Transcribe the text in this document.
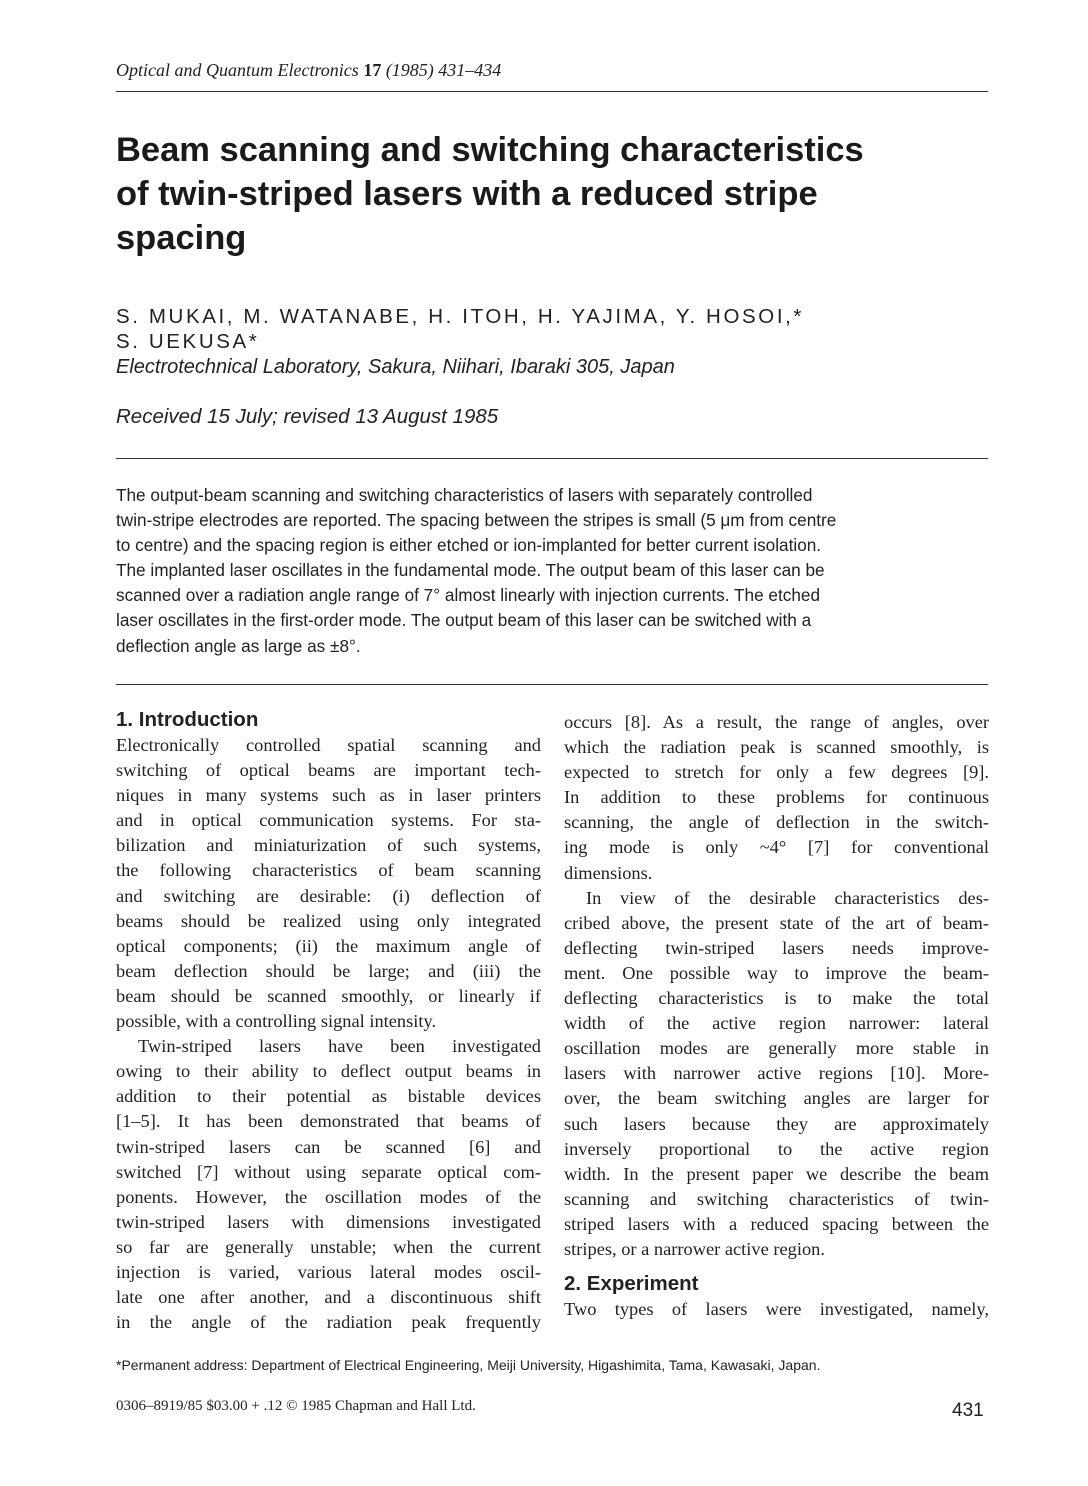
Optical and Quantum Electronics 17 (1985) 431–434
Beam scanning and switching characteristics
of twin-striped lasers with a reduced stripe
spacing
S. MUKAI, M. WATANABE, H. ITOH, H. YAJIMA, Y. HOSOI,*
S. UEKUSA*
Electrotechnical Laboratory, Sakura, Niihari, Ibaraki 305, Japan
Received 15 July; revised 13 August 1985
The output-beam scanning and switching characteristics of lasers with separately controlled
twin-stripe electrodes are reported. The spacing between the stripes is small (5 μm from centre
to centre) and the spacing region is either etched or ion-implanted for better current isolation.
The implanted laser oscillates in the fundamental mode. The output beam of this laser can be
scanned over a radiation angle range of 7° almost linearly with injection currents. The etched
laser oscillates in the first-order mode. The output beam of this laser can be switched with a
deflection angle as large as ±8°.
1. Introduction
Electronically controlled spatial scanning and
switching of optical beams are important tech-
niques in many systems such as in laser printers
and in optical communication systems. For sta-
bilization and miniaturization of such systems,
the following characteristics of beam scanning
and switching are desirable: (i) deflection of
beams should be realized using only integrated
optical components; (ii) the maximum angle of
beam deflection should be large; and (iii) the
beam should be scanned smoothly, or linearly if
possible, with a controlling signal intensity.
Twin-striped lasers have been investigated
owing to their ability to deflect output beams in
addition to their potential as bistable devices
[1–5]. It has been demonstrated that beams of
twin-striped lasers can be scanned [6] and
switched [7] without using separate optical com-
ponents. However, the oscillation modes of the
twin-striped lasers with dimensions investigated
so far are generally unstable; when the current
injection is varied, various lateral modes oscil-
late one after another, and a discontinuous shift
in the angle of the radiation peak frequently
occurs [8]. As a result, the range of angles, over
which the radiation peak is scanned smoothly, is
expected to stretch for only a few degrees [9].
In addition to these problems for continuous
scanning, the angle of deflection in the switch-
ing mode is only ~4° [7] for conventional
dimensions.
In view of the desirable characteristics des-
cribed above, the present state of the art of beam-
deflecting twin-striped lasers needs improve-
ment. One possible way to improve the beam-
deflecting characteristics is to make the total
width of the active region narrower: lateral
oscillation modes are generally more stable in
lasers with narrower active regions [10]. More-
over, the beam switching angles are larger for
such lasers because they are approximately
inversely proportional to the active region
width. In the present paper we describe the beam
scanning and switching characteristics of twin-
striped lasers with a reduced spacing between the
stripes, or a narrower active region.
2. Experiment
Two types of lasers were investigated, namely,
*Permanent address: Department of Electrical Engineering, Meiji University, Higashimita, Tama, Kawasaki, Japan.
0306–8919/85 $03.00 + .12 © 1985 Chapman and Hall Ltd.	431
